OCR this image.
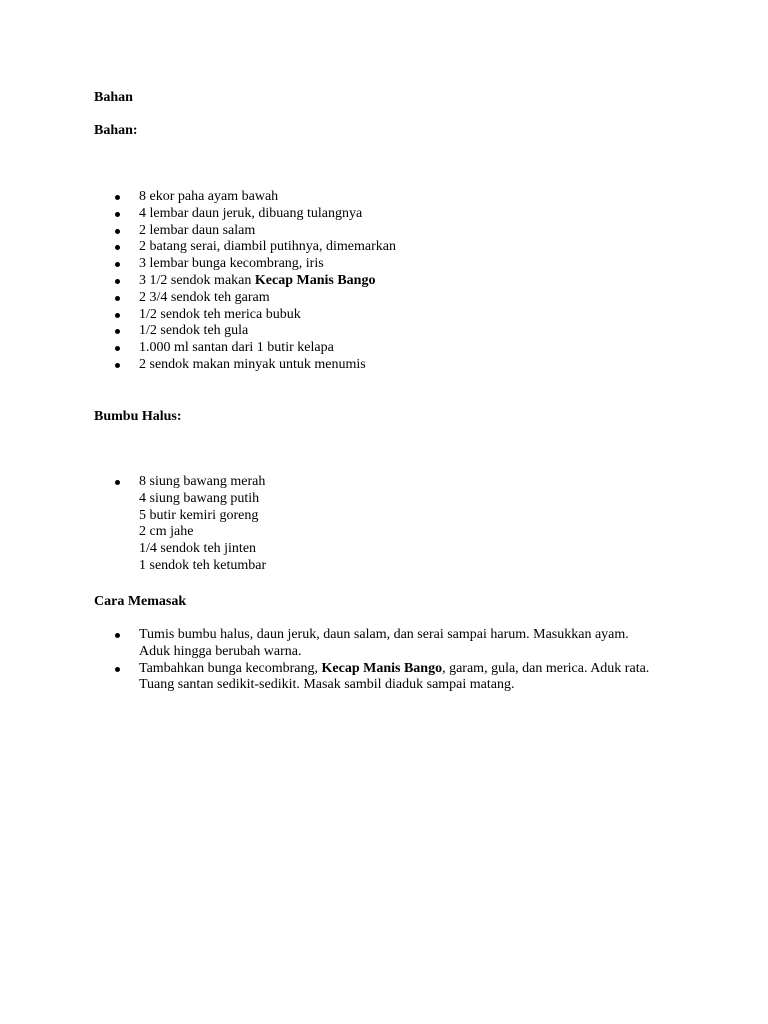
Bahan

Bahan:

8 ekor paha ayam bawah
4 lembar daun jeruk, dibuang tulangnya
2 lembar daun salam
2 batang serai, diambil putihnya, dimemarkan
3 lembar bunga kecombrang, iris
3 1/2 sendok makan Kecap Manis Bango
2 3/4 sendok teh garam
1/2 sendok teh merica bubuk
1/2 sendok teh gula
1.000 ml santan dari 1 butir kelapa
2 sendok makan minyak untuk menumis

Bumbu Halus:

8 siung bawang merah
4 siung bawang putih
5 butir kemiri goreng
2 cm jahe
1/4 sendok teh jinten
1 sendok teh ketumbar

Cara Memasak

Tumis bumbu halus, daun jeruk, daun salam, dan serai sampai harum. Masukkan ayam. Aduk hingga berubah warna.
Tambahkan bunga kecombrang, Kecap Manis Bango, garam, gula, dan merica. Aduk rata. Tuang santan sedikit-sedikit. Masak sambil diaduk sampai matang.
